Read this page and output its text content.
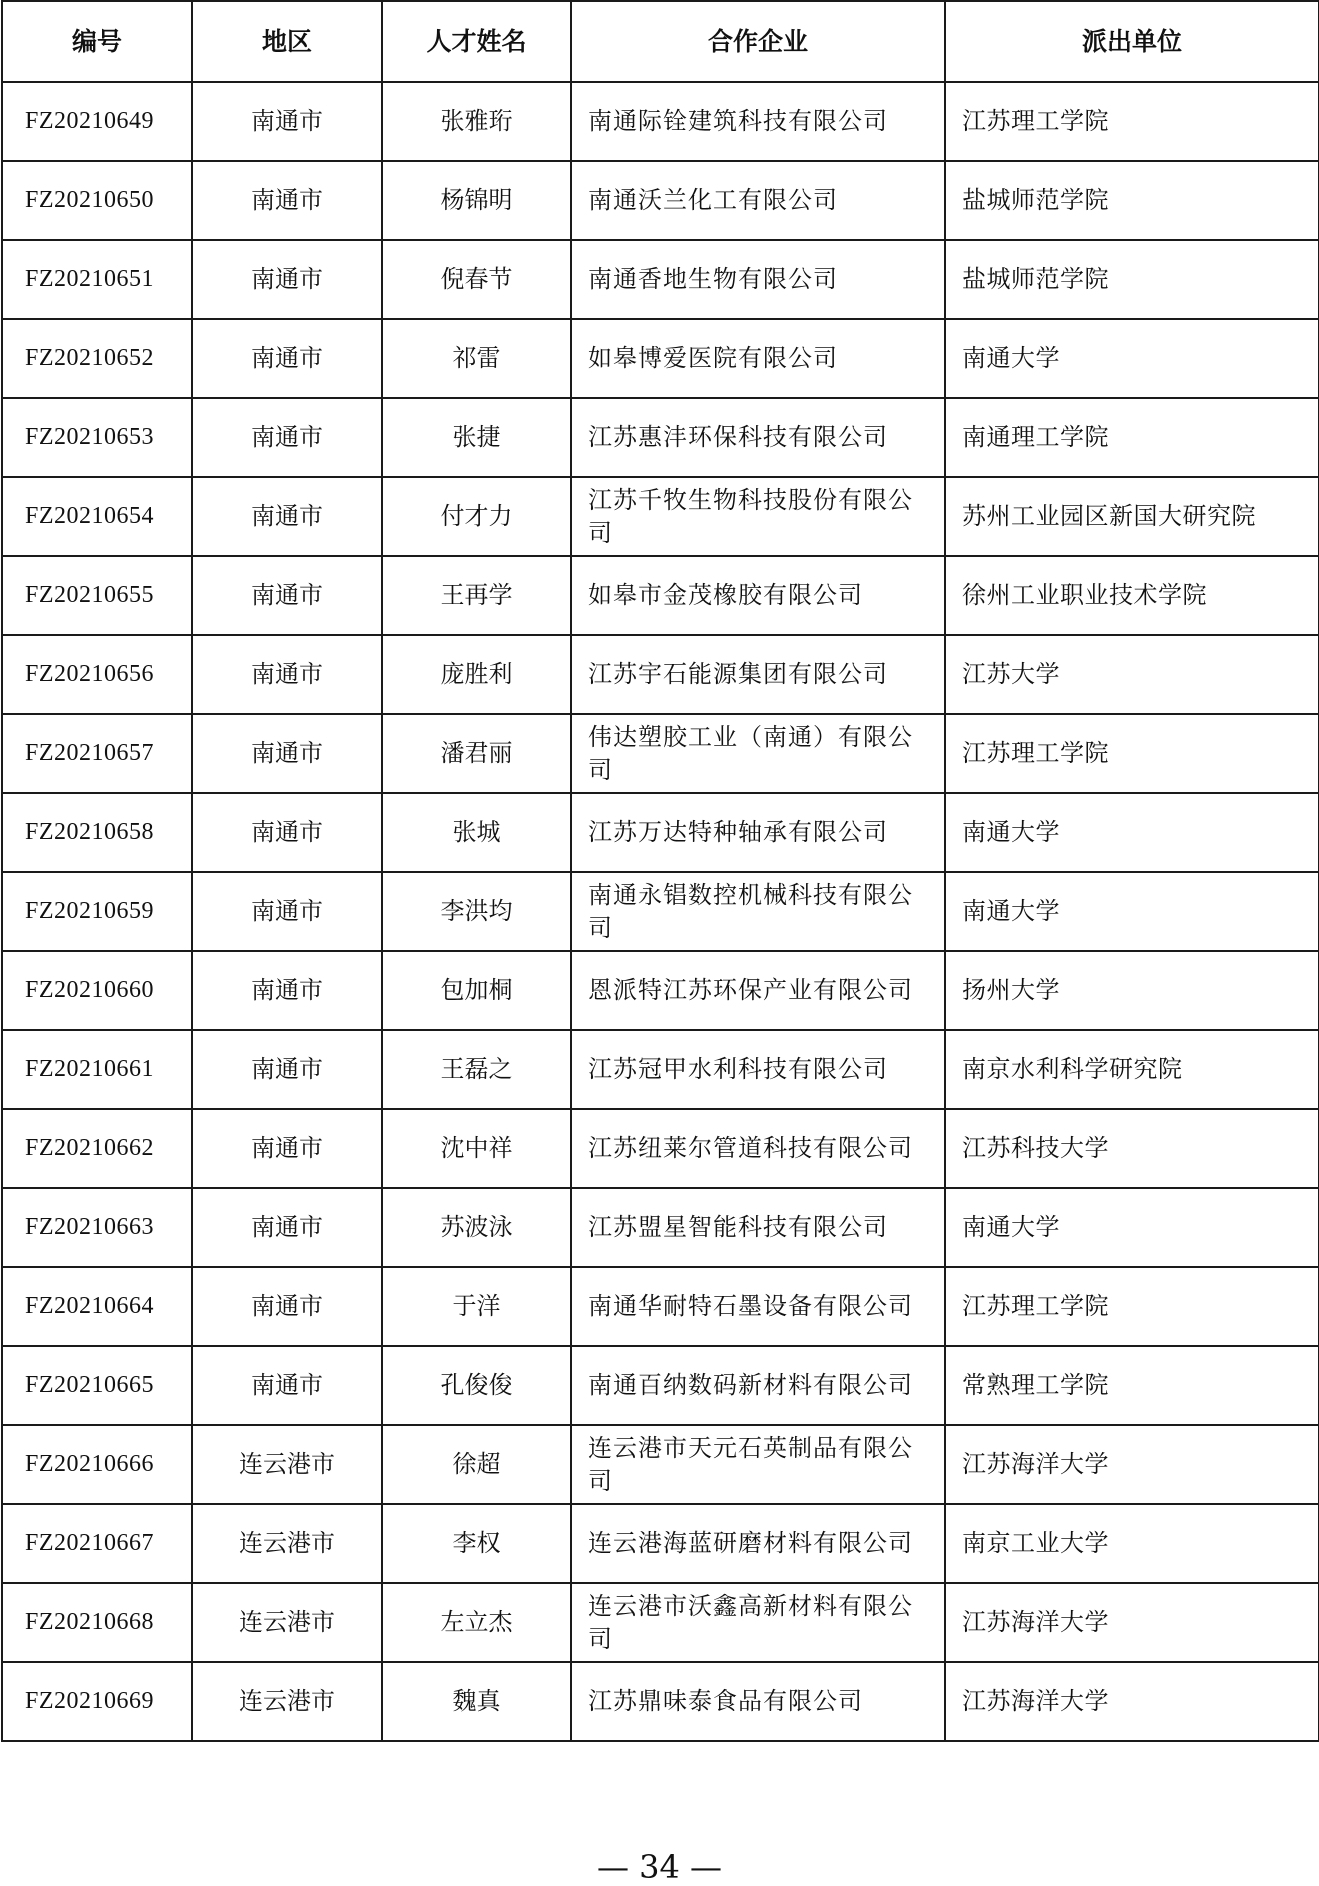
编号	地区	人才姓名	合作企业	派出单位
FZ20210649	南通市	张雅珩	南通际铨建筑科技有限公司	江苏理工学院
FZ20210650	南通市	杨锦明	南通沃兰化工有限公司	盐城师范学院
FZ20210651	南通市	倪春节	南通香地生物有限公司	盐城师范学院
FZ20210652	南通市	祁雷	如皋博爱医院有限公司	南通大学
FZ20210653	南通市	张捷	江苏惠沣环保科技有限公司	南通理工学院
FZ20210654	南通市	付才力	江苏千牧生物科技股份有限公司	苏州工业园区新国大研究院
FZ20210655	南通市	王再学	如皋市金茂橡胶有限公司	徐州工业职业技术学院
FZ20210656	南通市	庞胜利	江苏宇石能源集团有限公司	江苏大学
FZ20210657	南通市	潘君丽	伟达塑胶工业（南通）有限公司	江苏理工学院
FZ20210658	南通市	张城	江苏万达特种轴承有限公司	南通大学
FZ20210659	南通市	李洪均	南通永锠数控机械科技有限公司	南通大学
FZ20210660	南通市	包加桐	恩派特江苏环保产业有限公司	扬州大学
FZ20210661	南通市	王磊之	江苏冠甲水利科技有限公司	南京水利科学研究院
FZ20210662	南通市	沈中祥	江苏纽莱尔管道科技有限公司	江苏科技大学
FZ20210663	南通市	苏波泳	江苏盟星智能科技有限公司	南通大学
FZ20210664	南通市	于洋	南通华耐特石墨设备有限公司	江苏理工学院
FZ20210665	南通市	孔俊俊	南通百纳数码新材料有限公司	常熟理工学院
FZ20210666	连云港市	徐超	连云港市天元石英制品有限公司	江苏海洋大学
FZ20210667	连云港市	李权	连云港海蓝研磨材料有限公司	南京工业大学
FZ20210668	连云港市	左立杰	连云港市沃鑫高新材料有限公司	江苏海洋大学
FZ20210669	连云港市	魏真	江苏鼎味泰食品有限公司	江苏海洋大学
— 34 —
